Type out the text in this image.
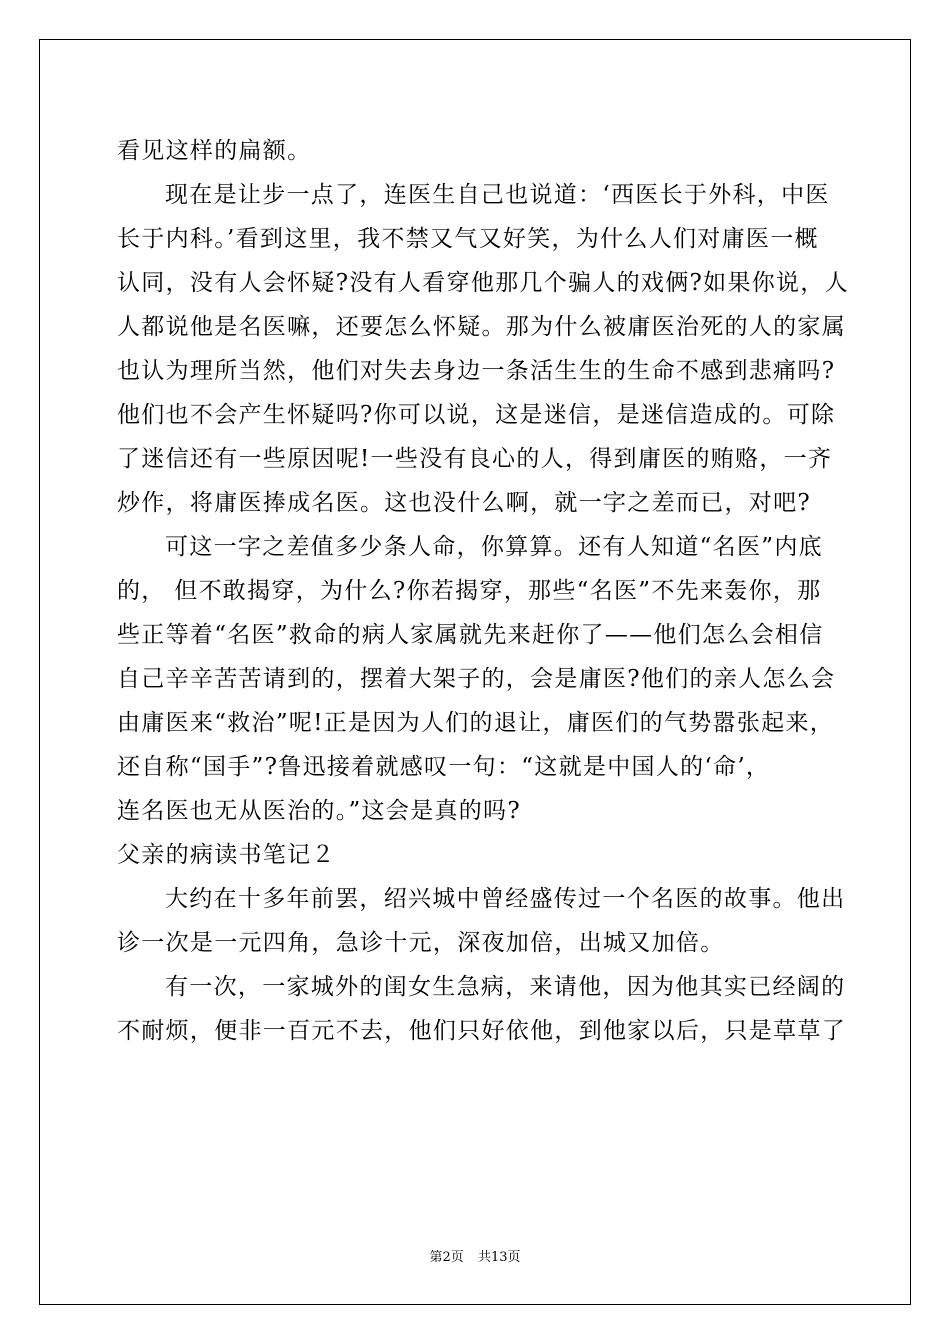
看见这样的扁额。
现在是让步一点了，连医生自己也说道：‘西医长于外科，中医
长于内科。’看到这里，我不禁又气又好笑，为什么人们对庸医一概
认同，没有人会怀疑?没有人看穿他那几个骗人的戏俩?如果你说，人
人都说他是名医嘛，还要怎么怀疑。那为什么被庸医治死的人的家属
也认为理所当然，他们对失去身边一条活生生的生命不感到悲痛吗?
他们也不会产生怀疑吗?你可以说，这是迷信，是迷信造成的。可除
了迷信还有一些原因呢!一些没有良心的人，得到庸医的贿赂，一齐
炒作，将庸医捧成名医。这也没什么啊，就一字之差而已，对吧?
可这一字之差值多少条人命，你算算。还有人知道“名医”内底
的， 但不敢揭穿，为什么?你若揭穿，那些“名医”不先来轰你，那
些正等着“名医”救命的病人家属就先来赶你了——他们怎么会相信
自己辛辛苦苦请到的，摆着大架子的，会是庸医?他们的亲人怎么会
由庸医来“救治”呢!正是因为人们的退让，庸医们的气势嚣张起来，
还自称“国手”?鲁迅接着就感叹一句：“这就是中国人的‘命’，
连名医也无从医治的。”这会是真的吗?
父亲的病读书笔记２
大约在十多年前罢，绍兴城中曾经盛传过一个名医的故事。他出
诊一次是一元四角，急诊十元，深夜加倍，出城又加倍。
有一次，一家城外的闺女生急病，来请他，因为他其实已经阔的
不耐烦，便非一百元不去，他们只好依他，到他家以后，只是草草了
第2页 共13页
